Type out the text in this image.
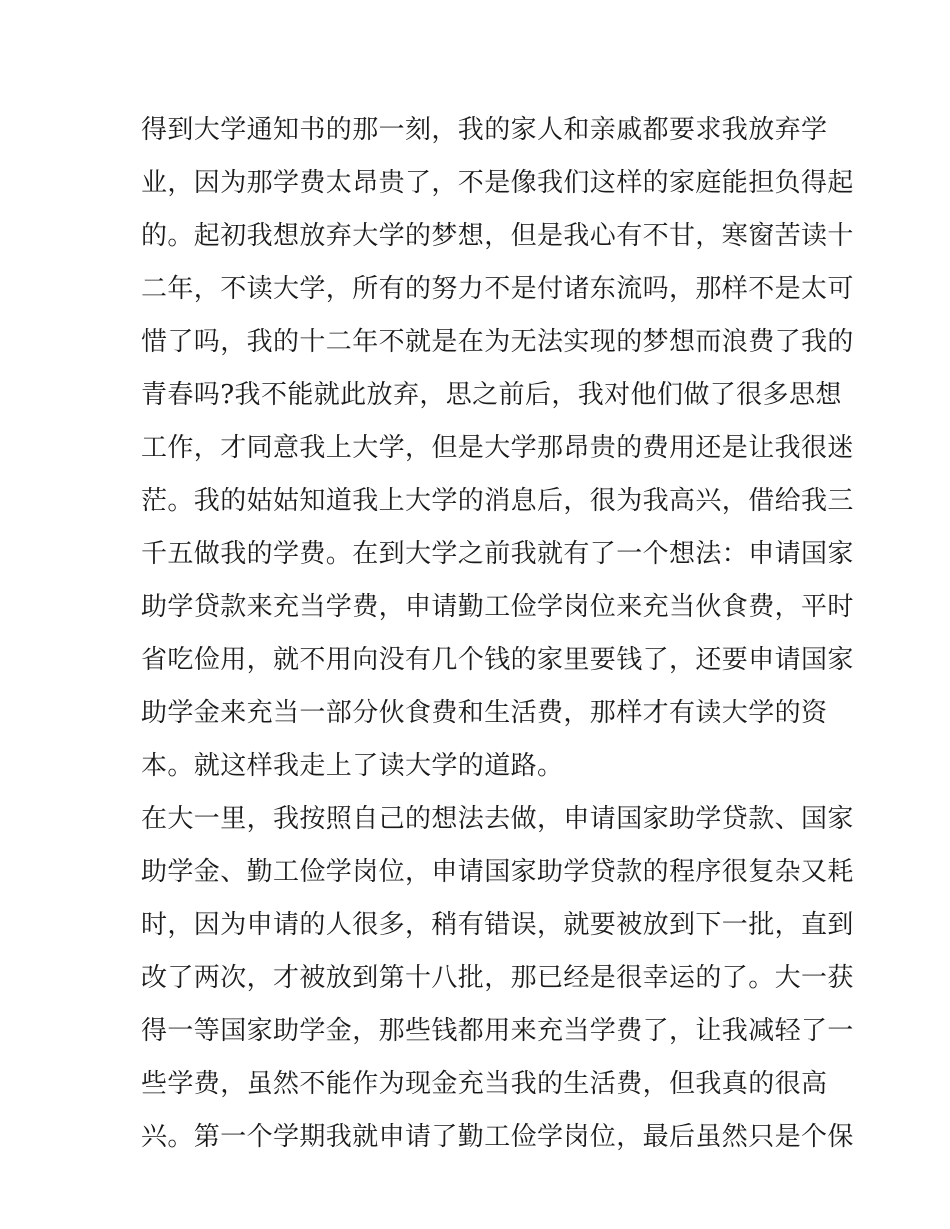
得到大学通知书的那一刻，我的家人和亲戚都要求我放弃学
业，因为那学费太昂贵了，不是像我们这样的家庭能担负得起
的。起初我想放弃大学的梦想，但是我心有不甘，寒窗苦读十
二年，不读大学，所有的努力不是付诸东流吗，那样不是太可
惜了吗，我的十二年不就是在为无法实现的梦想而浪费了我的
青春吗?我不能就此放弃，思之前后，我对他们做了很多思想
工作，才同意我上大学，但是大学那昂贵的费用还是让我很迷
茫。我的姑姑知道我上大学的消息后，很为我高兴，借给我三
千五做我的学费。在到大学之前我就有了一个想法：申请国家
助学贷款来充当学费，申请勤工俭学岗位来充当伙食费，平时
省吃俭用，就不用向没有几个钱的家里要钱了，还要申请国家
助学金来充当一部分伙食费和生活费，那样才有读大学的资
本。就这样我走上了读大学的道路。
在大一里，我按照自己的想法去做，申请国家助学贷款、国家
助学金、勤工俭学岗位，申请国家助学贷款的程序很复杂又耗
时，因为申请的人很多，稍有错误，就要被放到下一批，直到
改了两次，才被放到第十八批，那已经是很幸运的了。大一获
得一等国家助学金，那些钱都用来充当学费了，让我减轻了一
些学费，虽然不能作为现金充当我的生活费，但我真的很高
兴。第一个学期我就申请了勤工俭学岗位，最后虽然只是个保
